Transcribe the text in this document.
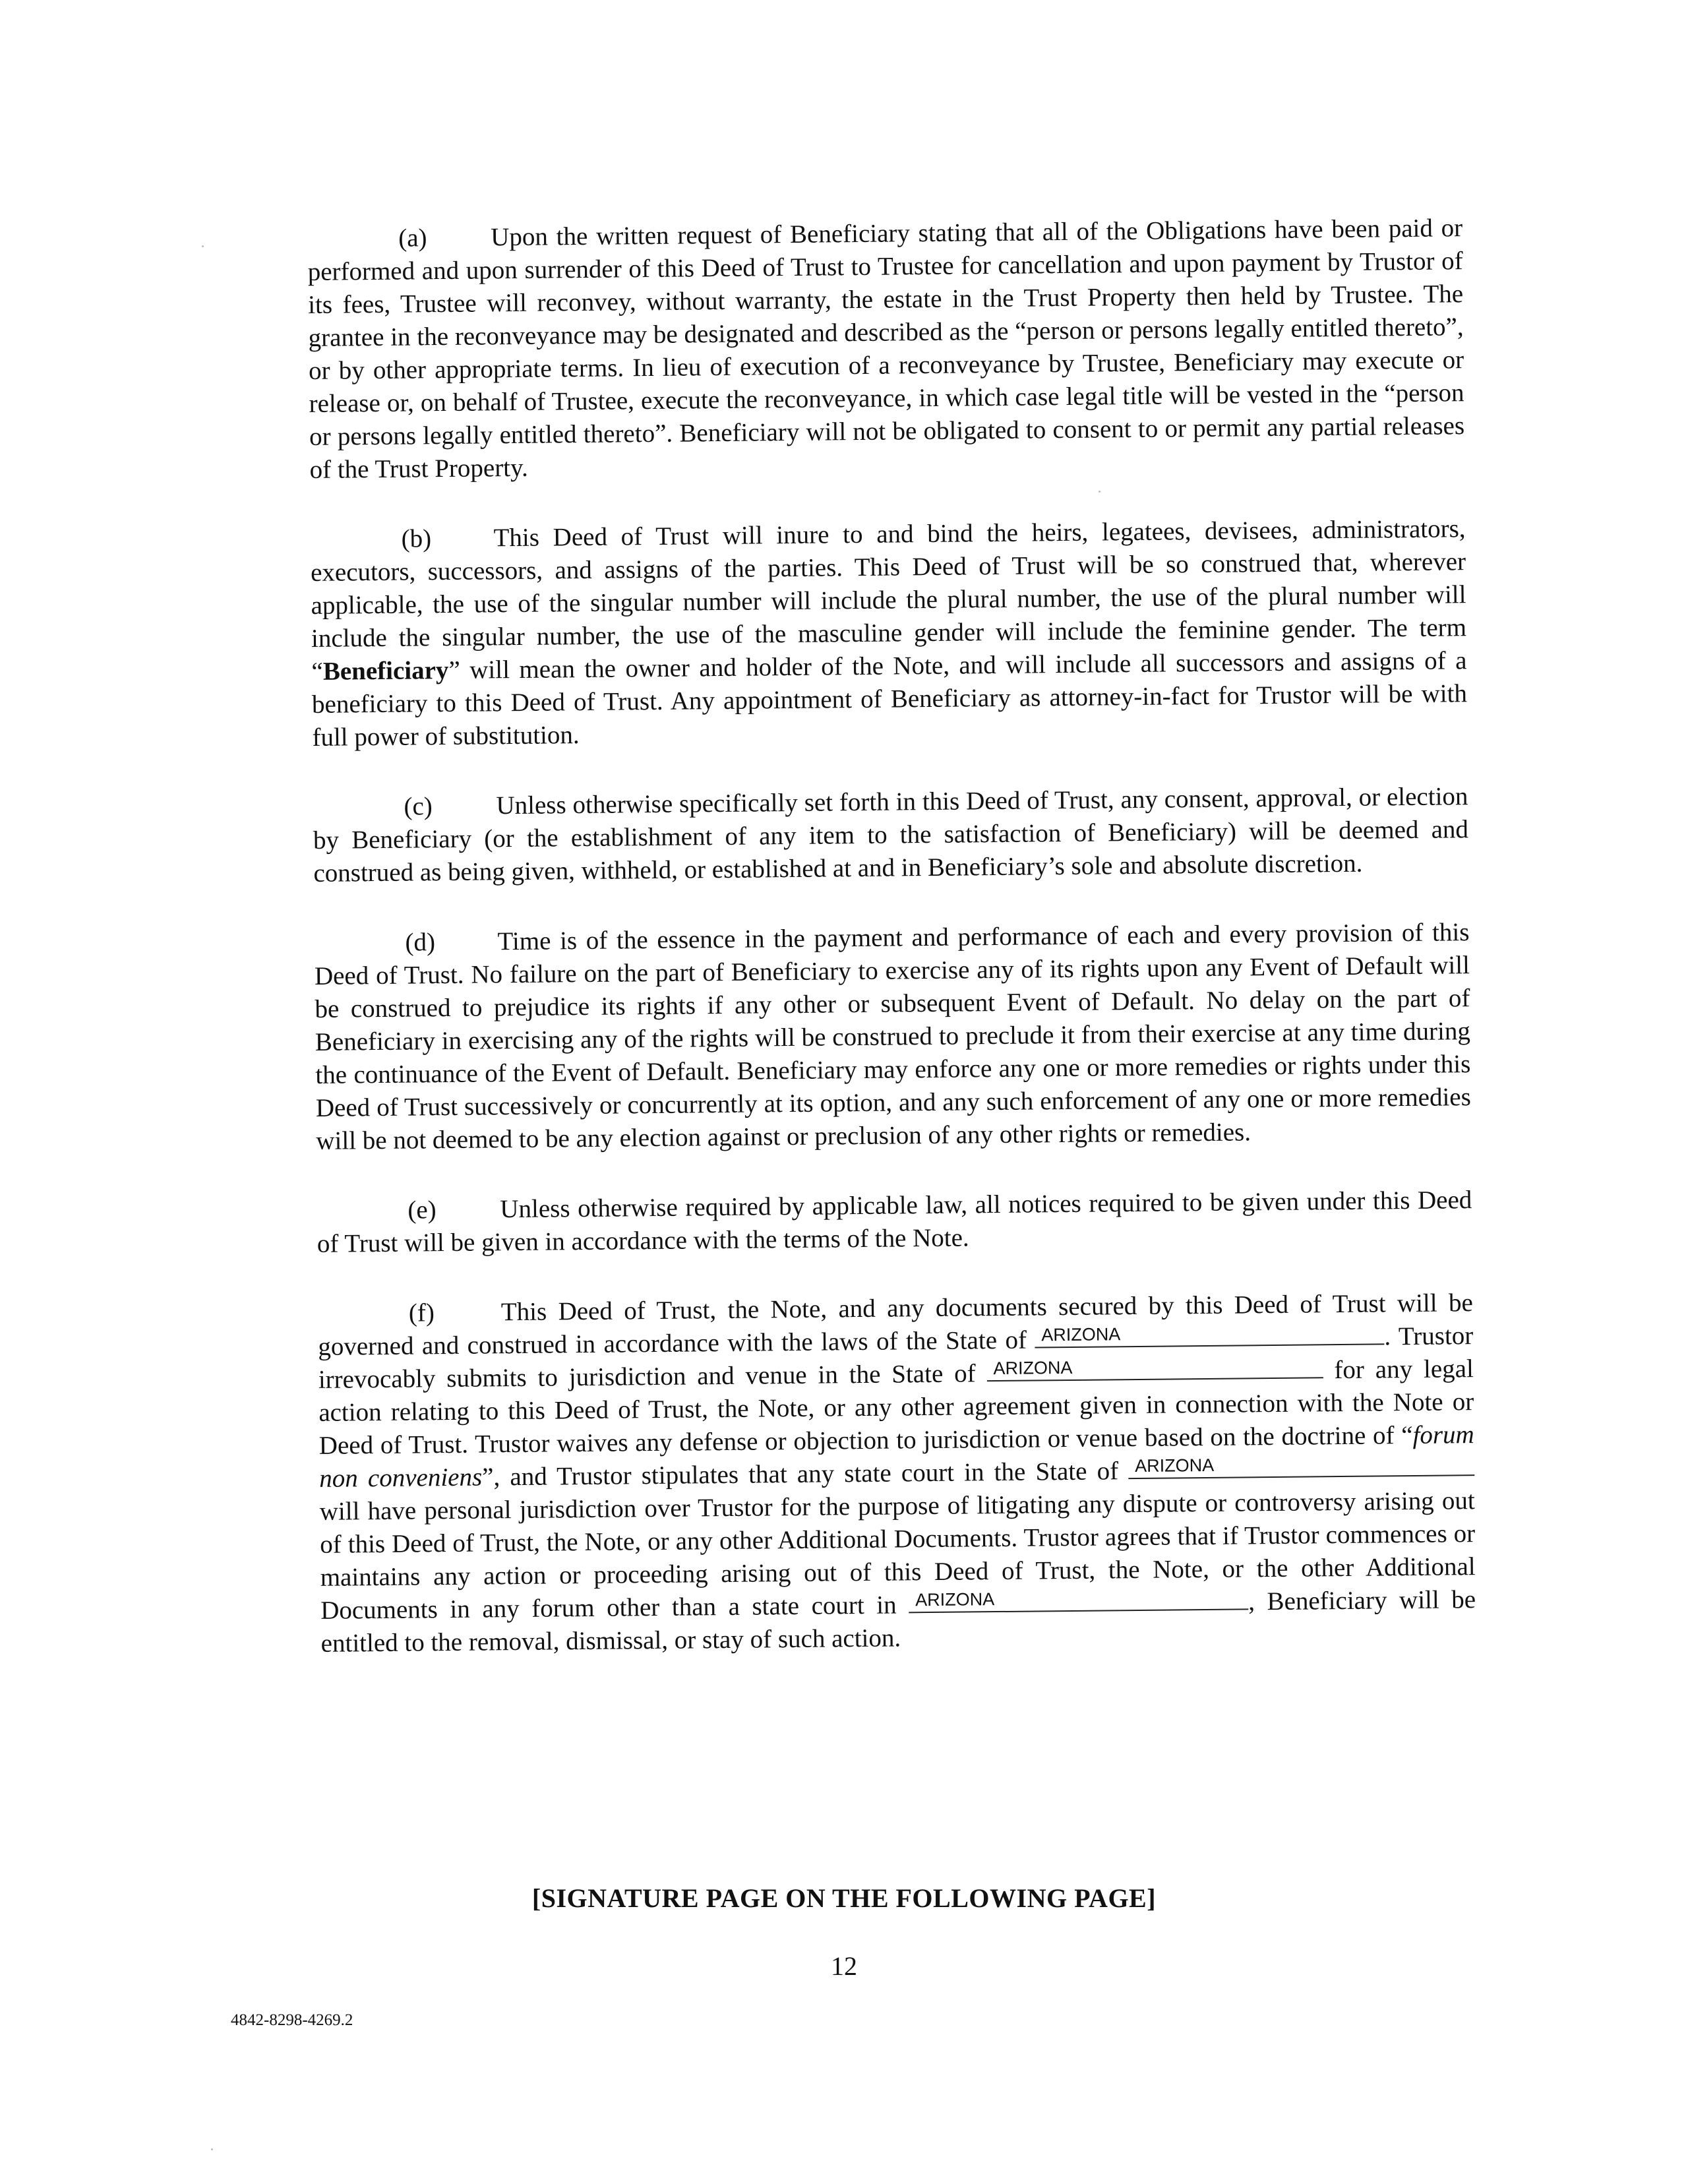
(a) Upon the written request of Beneficiary stating that all of the Obligations have been paid or performed and upon surrender of this Deed of Trust to Trustee for cancellation and upon payment by Trustor of its fees, Trustee will reconvey, without warranty, the estate in the Trust Property then held by Trustee. The grantee in the reconveyance may be designated and described as the “person or persons legally entitled thereto”, or by other appropriate terms. In lieu of execution of a reconveyance by Trustee, Beneficiary may execute or release or, on behalf of Trustee, execute the reconveyance, in which case legal title will be vested in the “person or persons legally entitled thereto”. Beneficiary will not be obligated to consent to or permit any partial releases of the Trust Property.

(b) This Deed of Trust will inure to and bind the heirs, legatees, devisees, administrators, executors, successors, and assigns of the parties. This Deed of Trust will be so construed that, wherever applicable, the use of the singular number will include the plural number, the use of the plural number will include the singular number, the use of the masculine gender will include the feminine gender. The term “Beneficiary” will mean the owner and holder of the Note, and will include all successors and assigns of a beneficiary to this Deed of Trust. Any appointment of Beneficiary as attorney-in-fact for Trustor will be with full power of substitution.

(c) Unless otherwise specifically set forth in this Deed of Trust, any consent, approval, or election by Beneficiary (or the establishment of any item to the satisfaction of Beneficiary) will be deemed and construed as being given, withheld, or established at and in Beneficiary’s sole and absolute discretion.

(d) Time is of the essence in the payment and performance of each and every provision of this Deed of Trust. No failure on the part of Beneficiary to exercise any of its rights upon any Event of Default will be construed to prejudice its rights if any other or subsequent Event of Default. No delay on the part of Beneficiary in exercising any of the rights will be construed to preclude it from their exercise at any time during the continuance of the Event of Default. Beneficiary may enforce any one or more remedies or rights under this Deed of Trust successively or concurrently at its option, and any such enforcement of any one or more remedies will be not deemed to be any election against or preclusion of any other rights or remedies.

(e) Unless otherwise required by applicable law, all notices required to be given under this Deed of Trust will be given in accordance with the terms of the Note.

(f)	This Deed of Trust, the Note, and any documents secured by this Deed of Trust will be governed and construed in accordance with the laws of the State of ARIZONA	. Trustor irrevocably submits to jurisdiction and venue in the State of ARIZONA	for any legal action relating to this Deed of Trust, the Note, or any other agreement given in connection with the Note or Deed of Trust. Trustor waives any defense or objection to jurisdiction or venue based on the doctrine of “forum non conveniens”, and Trustor stipulates that any state court in the State of ARIZONA
will have personal jurisdiction over Trustor for the purpose of litigating any dispute or controversy arising out of this Deed of Trust, the Note, or any other Additional Documents. Trustor agrees that if Trustor commences or maintains any action or proceeding arising out of this Deed of Trust, the Note, or the other Additional Documents in any forum other than a state court in ARIZONA	, Beneficiary will be entitled to the removal, dismissal, or stay of such action.

[SIGNATURE PAGE ON THE FOLLOWING PAGE]
12
4842-8298-4269.2
